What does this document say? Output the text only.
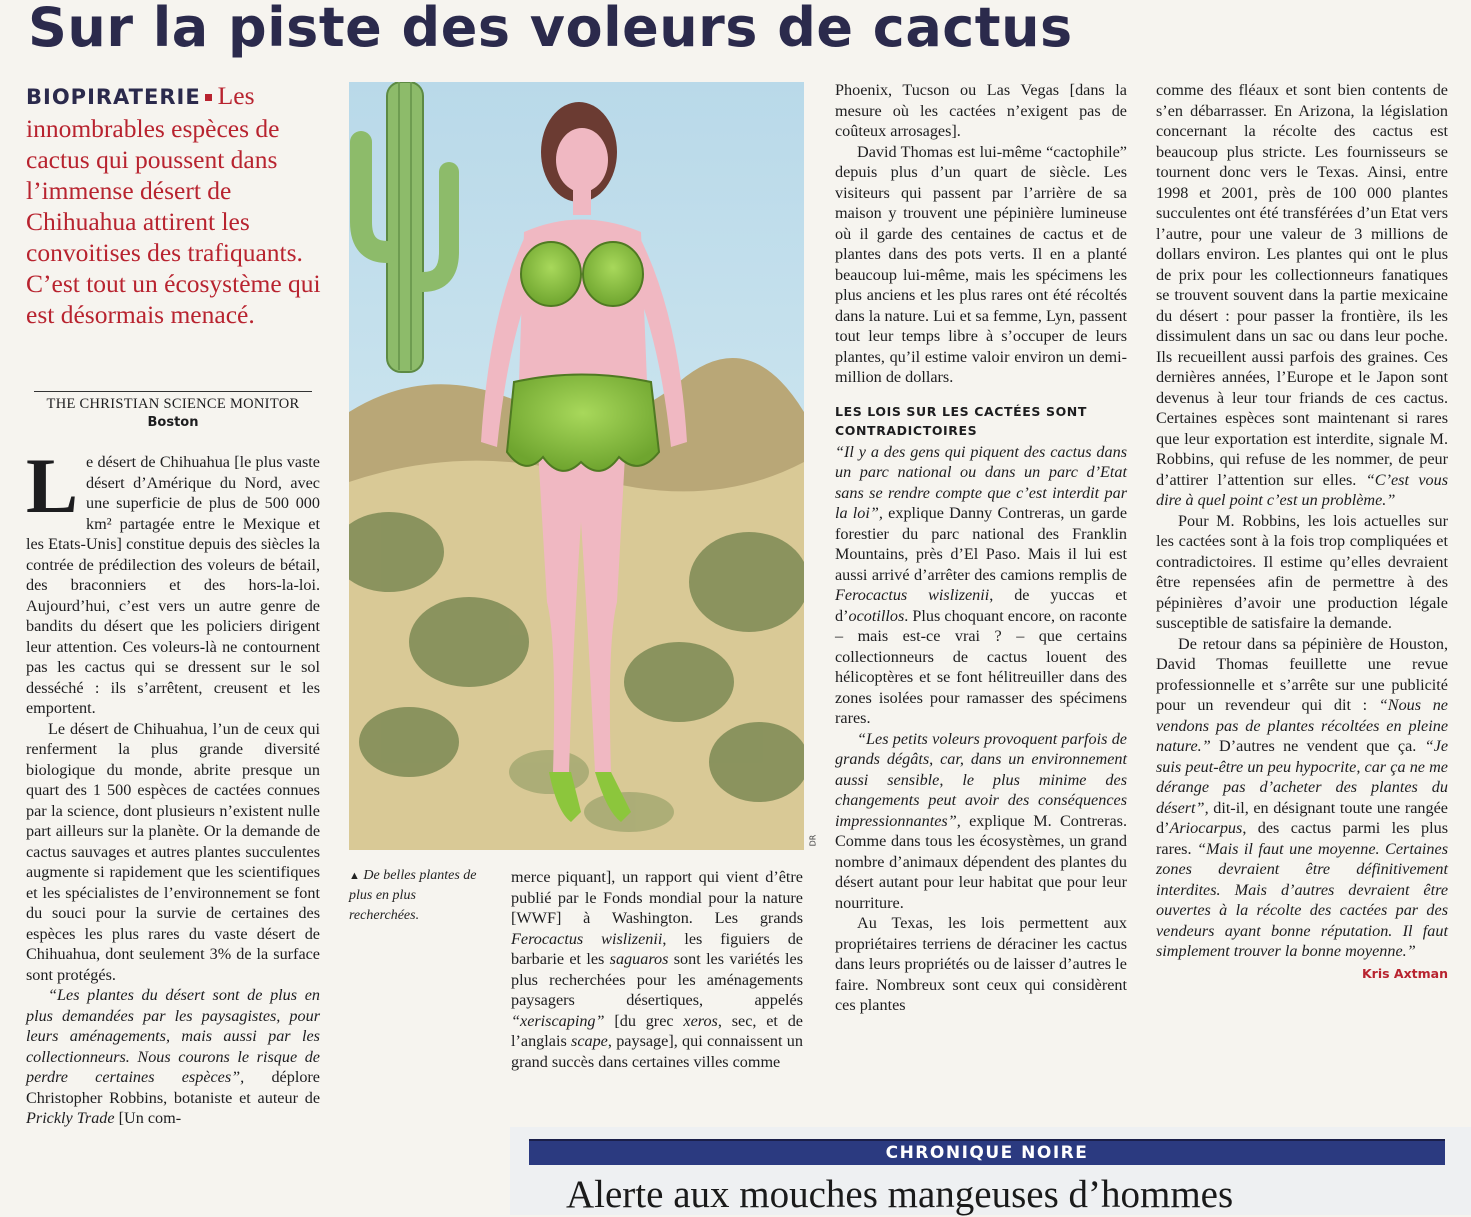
Sur la piste des voleurs de cactus
BIOPIRATERIE Les innombrables espèces de cactus qui poussent dans l’immense désert de Chihuahua attirent les convoitises des trafiquants. C’est tout un écosystème qui est désormais menacé.
THE CHRISTIAN SCIENCE MONITOR
Boston

Le désert de Chihuahua [le plus vaste désert d’Amérique du Nord, avec une superficie de plus de 500 000 km² partagée entre le Mexique et les Etats-Unis] constitue depuis des siècles la contrée de prédilection des voleurs de bétail, des braconniers et des hors-la-loi. Aujourd’hui, c’est vers un autre genre de bandits du désert que les policiers dirigent leur attention. Ces voleurs-là ne contournent pas les cactus qui se dressent sur le sol desséché : ils s’arrêtent, creusent et les emportent.

Le désert de Chihuahua, l’un de ceux qui renferment la plus grande diversité biologique du monde, abrite presque un quart des 1 500 espèces de cactées connues par la science, dont plusieurs n’existent nulle part ailleurs sur la planète. Or la demande de cactus sauvages et autres plantes succulentes augmente si rapidement que les scientifiques et les spécialistes de l’environnement se font du souci pour la survie de certaines des espèces les plus rares du vaste désert de Chihuahua, dont seulement 3% de la surface sont protégés.

“Les plantes du désert sont de plus en plus demandées par les paysagistes, pour leurs aménagements, mais aussi par les collectionneurs. Nous courons le risque de perdre certaines espèces”, déplore Christopher Robbins, botaniste et auteur de Prickly Trade [Un com-

DR
▲ De belles plantes de plus en plus recherchées.

merce piquant], un rapport qui vient d’être publié par le Fonds mondial pour la nature [WWF] à Washington. Les grands Ferocactus wislizenii, les figuiers de barbarie et les saguaros sont les variétés les plus recherchées pour les aménagements paysagers désertiques, appelés “xeriscaping” [du grec xeros, sec, et de l’anglais scape, paysage], qui connaissent un grand succès dans certaines villes comme

Phoenix, Tucson ou Las Vegas [dans la mesure où les cactées n’exigent pas de coûteux arrosages].

David Thomas est lui-même “cactophile” depuis plus d’un quart de siècle. Les visiteurs qui passent par l’arrière de sa maison y trouvent une pépinière lumineuse où il garde des centaines de cactus et de plantes dans des pots verts. Il en a planté beaucoup lui-même, mais les spécimens les plus anciens et les plus rares ont été récoltés dans la nature. Lui et sa femme, Lyn, passent tout leur temps libre à s’occuper de leurs plantes, qu’il estime valoir environ un demi-million de dollars.

LES LOIS SUR LES CACTÉES SONT CONTRADICTOIRES

“Il y a des gens qui piquent des cactus dans un parc national ou dans un parc d’Etat sans se rendre compte que c’est interdit par la loi”, explique Danny Contreras, un garde forestier du parc national des Franklin Mountains, près d’El Paso. Mais il lui est aussi arrivé d’arrêter des camions remplis de Ferocactus wislizenii, de yuccas et d’ocotillos. Plus choquant encore, on raconte – mais est-ce vrai ? – que certains collectionneurs de cactus louent des hélicoptères et se font hélitreuiller dans des zones isolées pour ramasser des spécimens rares.

“Les petits voleurs provoquent parfois de grands dégâts, car, dans un environnement aussi sensible, le plus minime des changements peut avoir des conséquences impressionnantes”, explique M. Contreras. Comme dans tous les écosystèmes, un grand nombre d’animaux dépendent des plantes du désert autant pour leur habitat que pour leur nourriture.

Au Texas, les lois permettent aux propriétaires terriens de déraciner les cactus dans leurs propriétés ou de laisser d’autres le faire. Nombreux sont ceux qui considèrent ces plantes

comme des fléaux et sont bien contents de s’en débarrasser. En Arizona, la législation concernant la récolte des cactus est beaucoup plus stricte. Les fournisseurs se tournent donc vers le Texas. Ainsi, entre 1998 et 2001, près de 100 000 plantes succulentes ont été transférées d’un Etat vers l’autre, pour une valeur de 3 millions de dollars environ. Les plantes qui ont le plus de prix pour les collectionneurs fanatiques se trouvent souvent dans la partie mexicaine du désert : pour passer la frontière, ils les dissimulent dans un sac ou dans leur poche. Ils recueillent aussi parfois des graines. Ces dernières années, l’Europe et le Japon sont devenus à leur tour friands de ces cactus. Certaines espèces sont maintenant si rares que leur exportation est interdite, signale M. Robbins, qui refuse de les nommer, de peur d’attirer l’attention sur elles. “C’est vous dire à quel point c’est un problème.”

Pour M. Robbins, les lois actuelles sur les cactées sont à la fois trop compliquées et contradictoires. Il estime qu’elles devraient être repensées afin de permettre à des pépinières d’avoir une production légale susceptible de satisfaire la demande.

De retour dans sa pépinière de Houston, David Thomas feuillette une revue professionnelle et s’arrête sur une publicité pour un revendeur qui dit : “Nous ne vendons pas de plantes récoltées en pleine nature.” D’autres ne vendent que ça. “Je suis peut-être un peu hypocrite, car ça ne me dérange pas d’acheter des plantes du désert”, dit-il, en désignant toute une rangée d’Ariocarpus, des cactus parmi les plus rares. “Mais il faut une moyenne. Certaines zones devraient être définitivement interdites. Mais d’autres devraient être ouvertes à la récolte des cactées par des vendeurs ayant bonne réputation. Il faut simplement trouver la bonne moyenne.”

Kris Axtman
CHRONIQUE NOIRE
Alerte aux mouches mangeuses d’hommes
